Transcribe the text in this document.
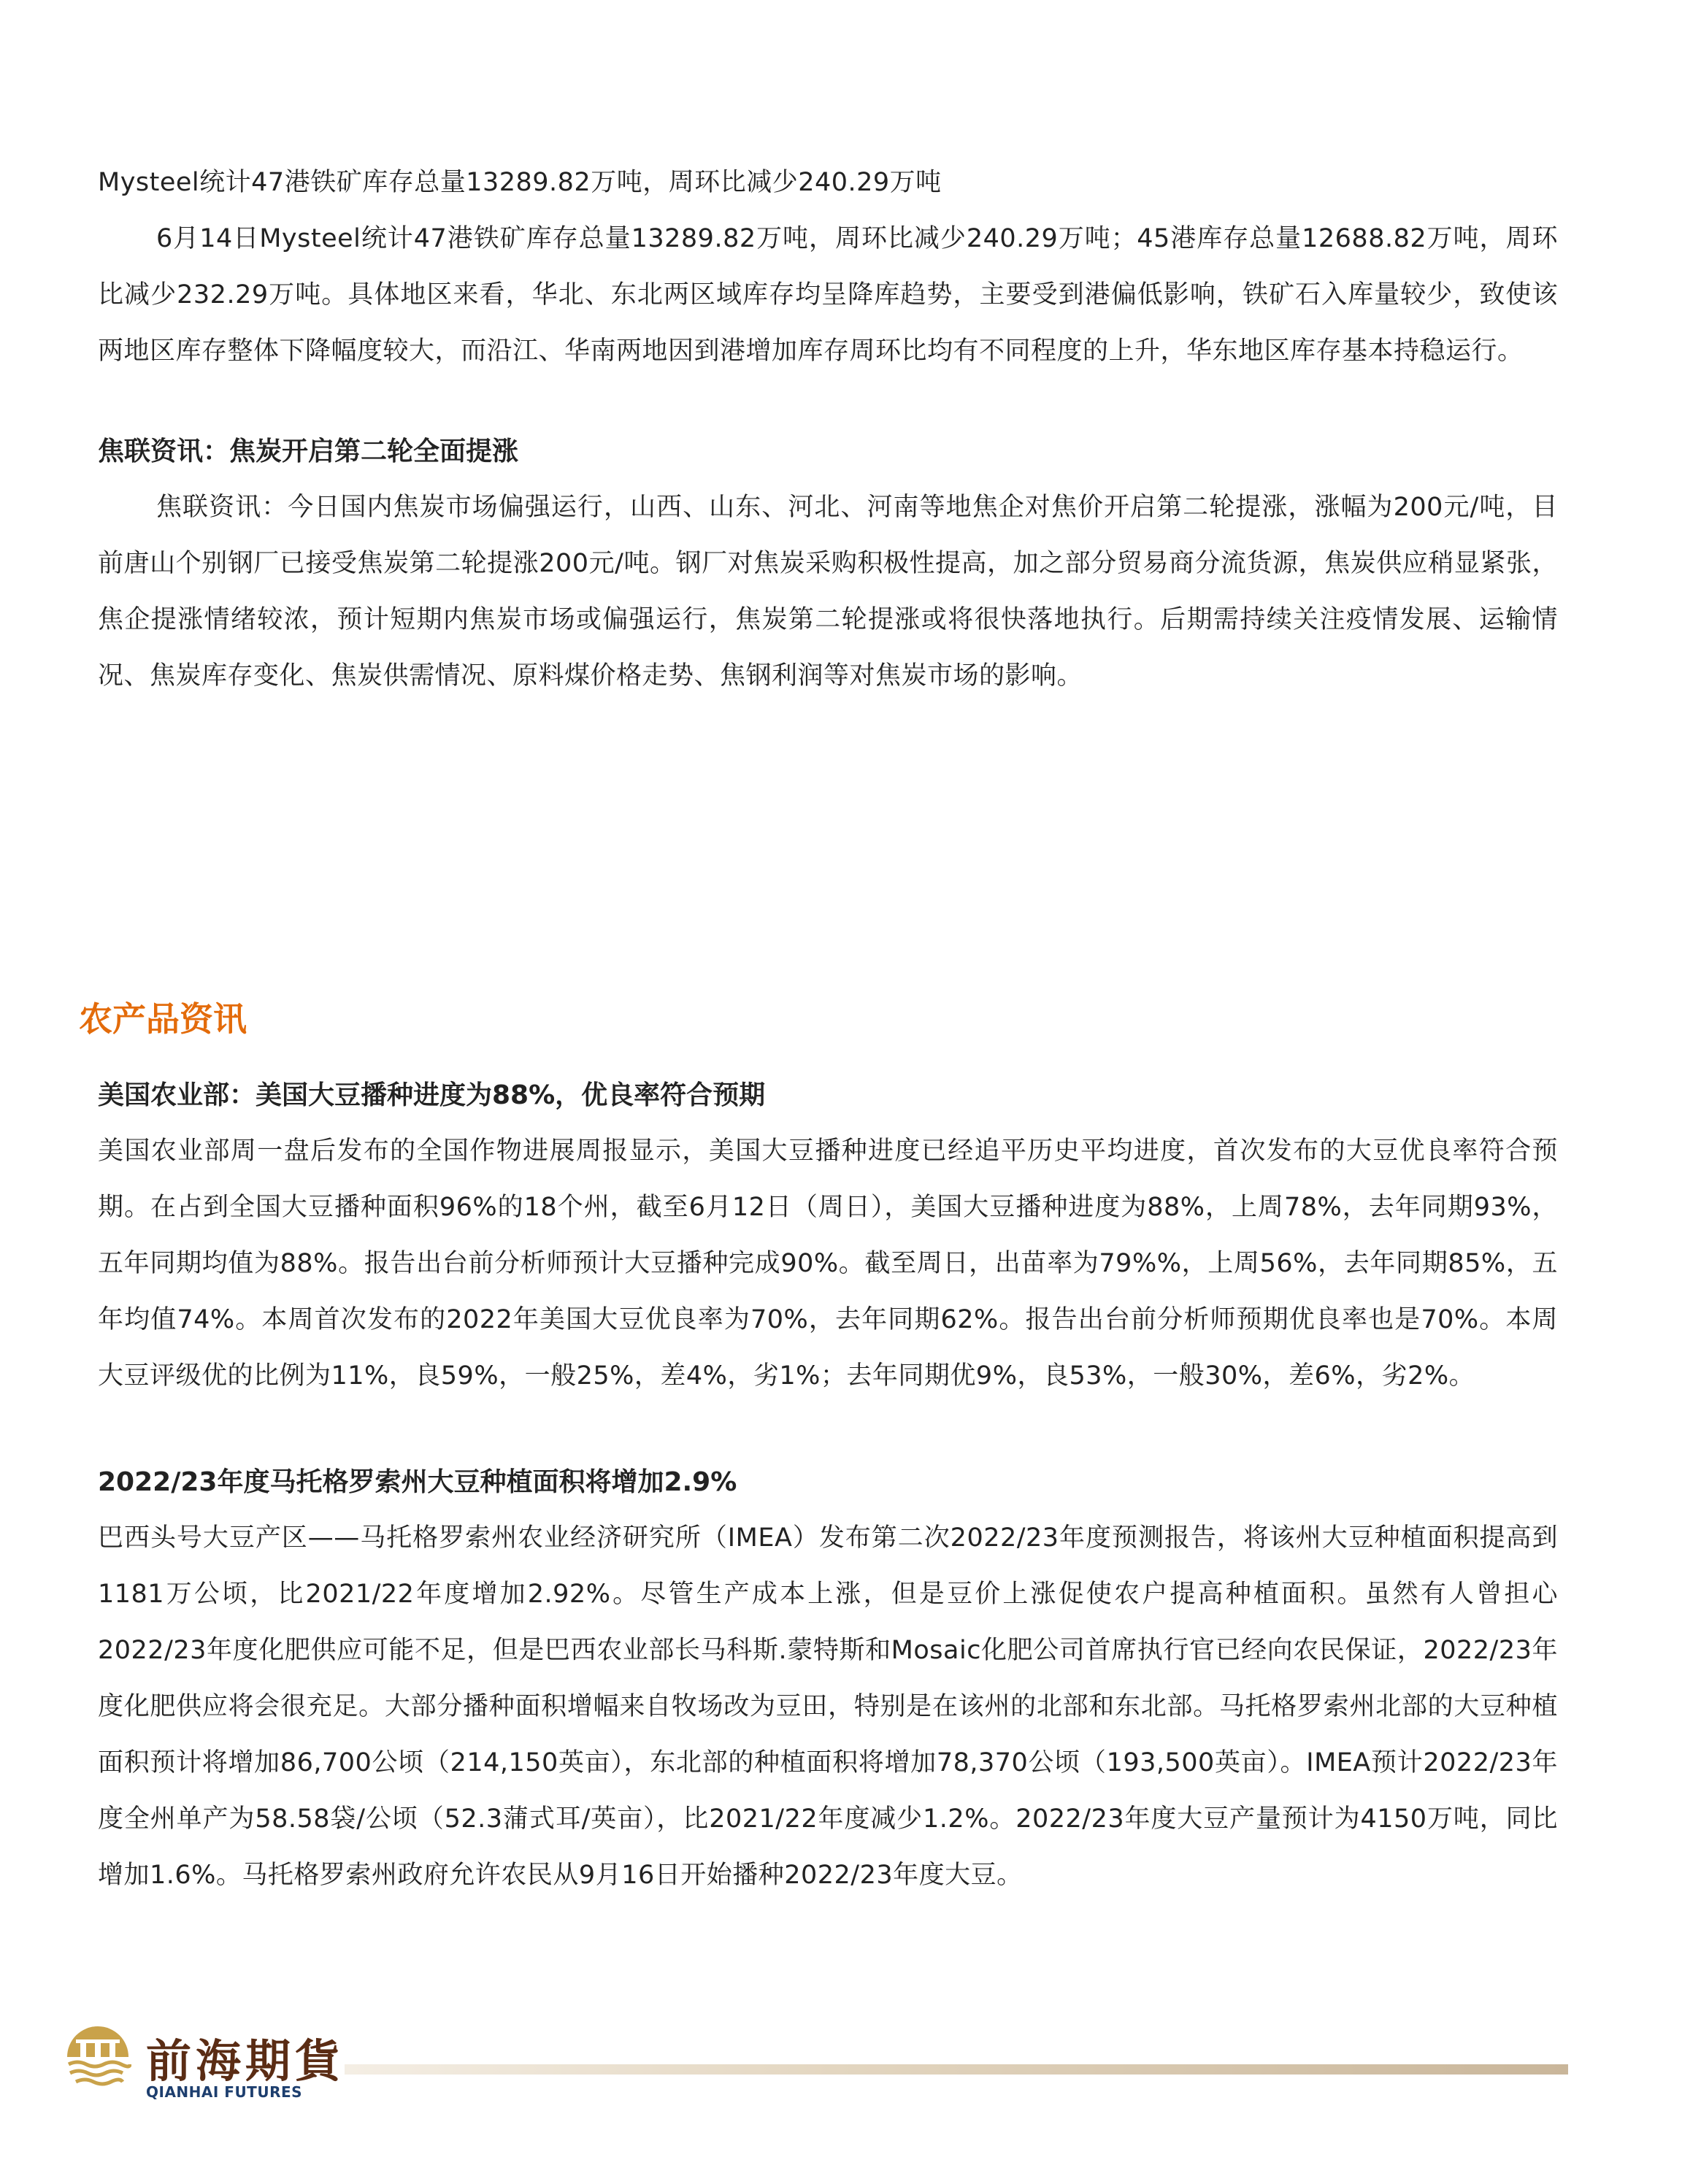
Mysteel统计47港铁矿库存总量13289.82万吨，周环比减少240.29万吨

6月14日Mysteel统计47港铁矿库存总量13289.82万吨，周环比减少240.29万吨；45港库存总量12688.82万吨，周环比减少232.29万吨。具体地区来看，华北、东北两区域库存均呈降库趋势，主要受到港偏低影响，铁矿石入库量较少，致使该两地区库存整体下降幅度较大，而沿江、华南两地因到港增加库存周环比均有不同程度的上升，华东地区库存基本持稳运行。

焦联资讯：焦炭开启第二轮全面提涨

焦联资讯：今日国内焦炭市场偏强运行，山西、山东、河北、河南等地焦企对焦价开启第二轮提涨，涨幅为200元/吨，目前唐山个别钢厂已接受焦炭第二轮提涨200元/吨。钢厂对焦炭采购积极性提高，加之部分贸易商分流货源，焦炭供应稍显紧张，焦企提涨情绪较浓，预计短期内焦炭市场或偏强运行，焦炭第二轮提涨或将很快落地执行。后期需持续关注疫情发展、运输情况、焦炭库存变化、焦炭供需情况、原料煤价格走势、焦钢利润等对焦炭市场的影响。

农产品资讯

美国农业部：美国大豆播种进度为88%，优良率符合预期

美国农业部周一盘后发布的全国作物进展周报显示，美国大豆播种进度已经追平历史平均进度，首次发布的大豆优良率符合预期。在占到全国大豆播种面积96%的18个州，截至6月12日（周日），美国大豆播种进度为88%，上周78%，去年同期93%，五年同期均值为88%。报告出台前分析师预计大豆播种完成90%。截至周日，出苗率为79%%，上周56%，去年同期85%，五年均值74%。本周首次发布的2022年美国大豆优良率为70%，去年同期62%。报告出台前分析师预期优良率也是70%。本周大豆评级优的比例为11%，良59%，一般25%，差4%，劣1%；去年同期优9%，良53%，一般30%，差6%，劣2%。

2022/23年度马托格罗索州大豆种植面积将增加2.9%

巴西头号大豆产区——马托格罗索州农业经济研究所（IMEA）发布第二次2022/23年度预测报告，将该州大豆种植面积提高到1181万公顷，比2021/22年度增加2.92%。尽管生产成本上涨，但是豆价上涨促使农户提高种植面积。虽然有人曾担心2022/23年度化肥供应可能不足，但是巴西农业部长马科斯.蒙特斯和Mosaic化肥公司首席执行官已经向农民保证，2022/23年度化肥供应将会很充足。大部分播种面积增幅来自牧场改为豆田，特别是在该州的北部和东北部。马托格罗索州北部的大豆种植面积预计将增加86,700公顷（214,150英亩），东北部的种植面积将增加78,370公顷（193,500英亩）。IMEA预计2022/23年度全州单产为58.58袋/公顷（52.3蒲式耳/英亩），比2021/22年度减少1.2%。2022/23年度大豆产量预计为4150万吨，同比增加1.6%。马托格罗索州政府允许农民从9月16日开始播种2022/23年度大豆。

前海期貨
QIANHAI FUTURES
